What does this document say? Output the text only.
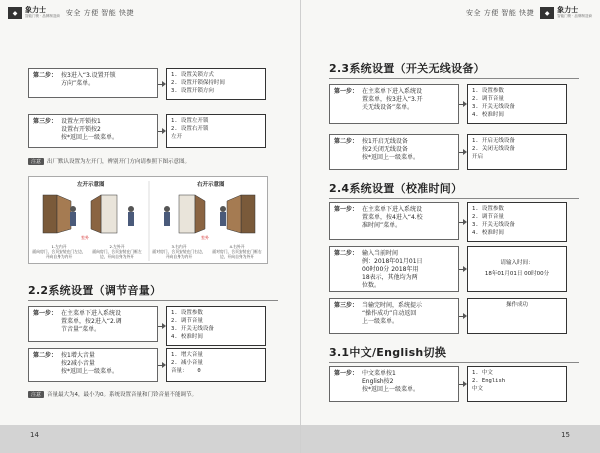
◆	象力士
智能门锁 · 品牌制造商 安全 方便 智能 快捷
第二步： 按3进入“3.设置开锁
方向”菜单。
1. 设置关锁方式
2. 设置开锁保持时间
3. 设置开锁方向
第三步： 设置左开锁按1
设置右开锁按2
按*返回上一级菜单。
1. 设置左开锁
2. 设置右开锁
左开
注意	出厂默认设置为左开门，辨别开门方向请参照下图示意图。
左开示意图	右开示意图
室外	室外
1.左内开
面向房门，合页安装在门左边，开向自身为内开
2.左外开
面向房门，合页安装在门框左边，开向自身为外开
3.右内开
面对房门，合页安装在门右边，开向自身为内开
4.右外开
面对房门，合页安装在门框右边，开向自身为外开
2.2系统设置（调节音量）
第一步： 在主菜单下进入系统设
置菜单，按2进入“2.调
节音量”菜单。
1. 设置参数
2. 调节音量
3. 开关无线设备
4. 校准时间
第二步： 按1增大音量
按2减小音量
按*返回上一级菜单。
1. 增大音量
2. 减小音量
音量：   0
注意	音量最大为4，最小为0。系统设置音量和门铃音量不能调节。
14
安全 方便 智能 快捷	◆	象力士
智能门锁 · 品牌制造商
2.3系统设置（开关无线设备）
第一步： 在主菜单下进入系统设
置菜单，按3进入“3.开
关无线设备”菜单。
1. 设置参数
2. 调节音量
3. 开关无线设备
4. 校准时间
第二步： 按1开启无线设备
按2关闭无线设备
按*返回上一级菜单。
1. 开启无线设备
2. 关闭无线设备
开启
2.4系统设置（校准时间）
第一步： 在主菜单下进入系统设
置菜单，按4进入“4.校
准时间”菜单。
1. 设置参数
2. 调节音量
3. 开关无线设备
4. 校准时间
第二步： 输入当前时间
例：2018年01月01日
00时00分 2018年用
18表示，其他均为两
位数。
请输入时间：
18年01月01日 00时00分
第三步： 当输完时间，系统提示
“操作成功”自动返回
上一级菜单。
操作成功
3.1中文/English切换
第一步： 中文菜单按1
English按2
按*返回上一级菜单。
1. 中文
2. English
中文
15
